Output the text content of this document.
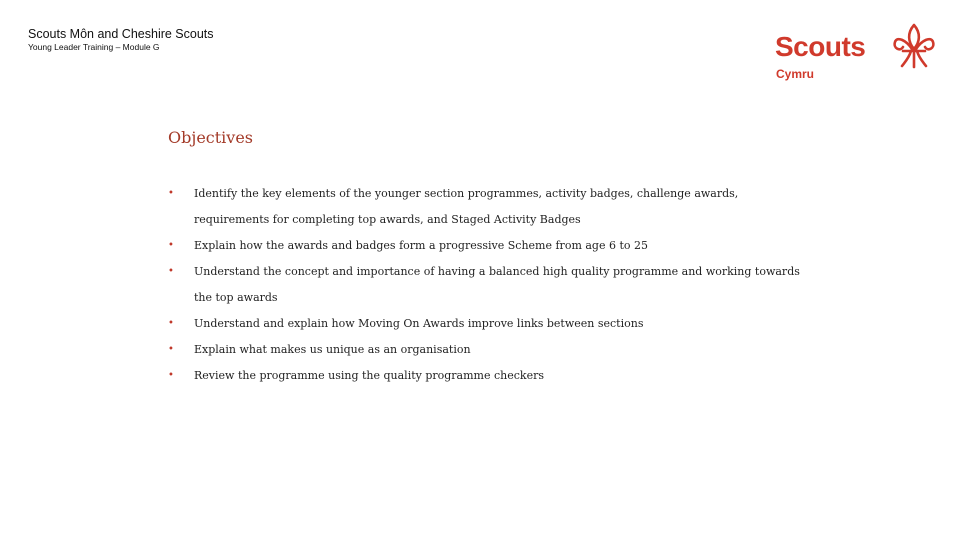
Scouts Môn and Cheshire Scouts
Young Leader Training – Module G	Scouts
Cymru
Objectives
• Identify the key elements of the younger section programmes, activity badges, challenge awards, requirements for completing top awards, and Staged Activity Badges
• Explain how the awards and badges form a progressive Scheme from age 6 to 25
• Understand the concept and importance of having a balanced high quality programme and working towards the top awards
• Understand and explain how Moving On Awards improve links between sections
• Explain what makes us unique as an organisation
• Review the programme using the quality programme checkers
